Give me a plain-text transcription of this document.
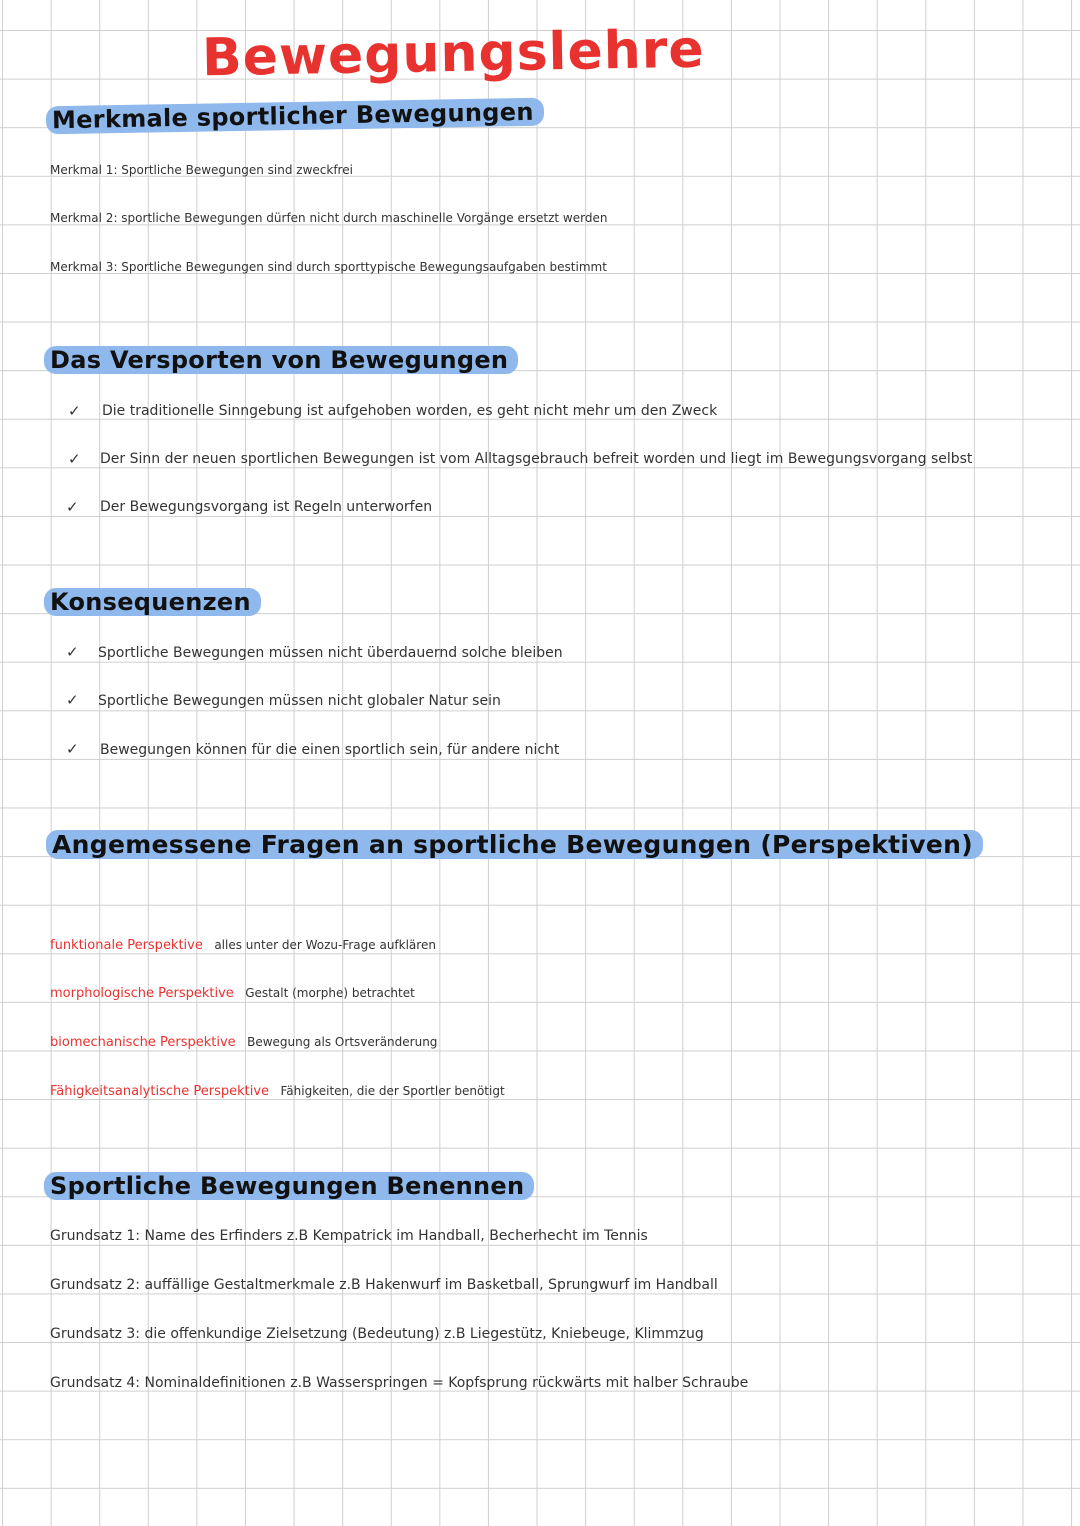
Bewegungslehre
Merkmale sportlicher Bewegungen
Merkmal 1: Sportliche Bewegungen sind zweckfrei
Merkmal 2: sportliche Bewegungen dürfen nicht durch maschinelle Vorgänge ersetzt werden
Merkmal 3: Sportliche Bewegungen sind durch sporttypische Bewegungsaufgaben bestimmt
Das Versporten von Bewegungen
✓ Die traditionelle Sinngebung ist aufgehoben worden, es geht nicht mehr um den Zweck
✓ Der Sinn der neuen sportlichen Bewegungen ist vom Alltagsgebrauch befreit worden und liegt im Bewegungsvorgang selbst
✓ Der Bewegungsvorgang ist Regeln unterworfen
Konsequenzen
✓ Sportliche Bewegungen müssen nicht überdauernd solche bleiben
✓ Sportliche Bewegungen müssen nicht globaler Natur sein
✓ Bewegungen können für die einen sportlich sein, für andere nicht
Angemessene Fragen an sportliche Bewegungen (Perspektiven)
funktionale Perspektive alles unter der Wozu-Frage aufklären
morphologische Perspektive Gestalt (morphe) betrachtet
biomechanische Perspektive Bewegung als Ortsveränderung
Fähigkeitsanalytische Perspektive Fähigkeiten, die der Sportler benötigt
Sportliche Bewegungen Benennen
Grundsatz 1: Name des Erfinders z.B Kempatrick im Handball, Becherhecht im Tennis
Grundsatz 2: auffällige Gestaltmerkmale z.B Hakenwurf im Basketball, Sprungwurf im Handball
Grundsatz 3: die offenkundige Zielsetzung (Bedeutung) z.B Liegestütz, Kniebeuge, Klimmzug
Grundsatz 4: Nominaldefinitionen z.B Wasserspringen = Kopfsprung rückwärts mit halber Schraube
